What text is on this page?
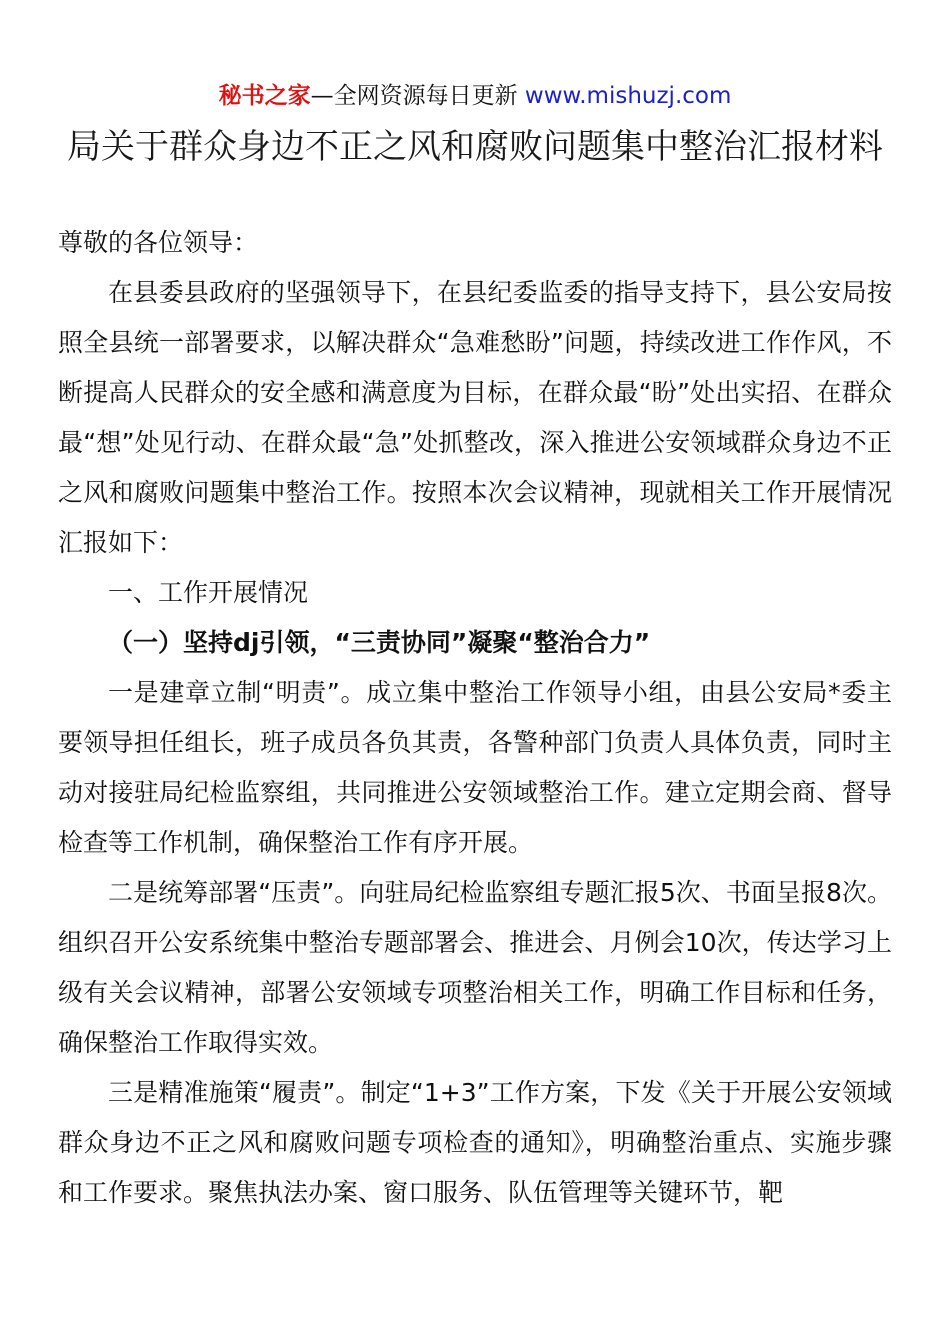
秘书之家—全网资源每日更新 www.mishuzj.com
局关于群众身边不正之风和腐败问题集中整治汇报材料

尊敬的各位领导：

在县委县政府的坚强领导下，在县纪委监委的指导支持下，县公安局按照全县统一部署要求，以解决群众“急难愁盼”问题，持续改进工作作风，不断提高人民群众的安全感和满意度为目标，在群众最“盼”处出实招、在群众最“想”处见行动、在群众最“急”处抓整改，深入推进公安领域群众身边不正之风和腐败问题集中整治工作。按照本次会议精神，现就相关工作开展情况汇报如下：

一、工作开展情况

（一）坚持dj引领，“三责协同”凝聚“整治合力”

一是建章立制“明责”。成立集中整治工作领导小组，由县公安局*委主要领导担任组长，班子成员各负其责，各警种部门负责人具体负责，同时主动对接驻局纪检监察组，共同推进公安领域整治工作。建立定期会商、督导检查等工作机制，确保整治工作有序开展。

二是统筹部署“压责”。向驻局纪检监察组专题汇报5次、书面呈报8次。组织召开公安系统集中整治专题部署会、推进会、月例会10次，传达学习上级有关会议精神，部署公安领域专项整治相关工作，明确工作目标和任务，确保整治工作取得实效。

三是精准施策“履责”。制定“1+3”工作方案，下发《关于开展公安领域群众身边不正之风和腐败问题专项检查的通知》，明确整治重点、实施步骤和工作要求。聚焦执法办案、窗口服务、队伍管理等关键环节，靶
